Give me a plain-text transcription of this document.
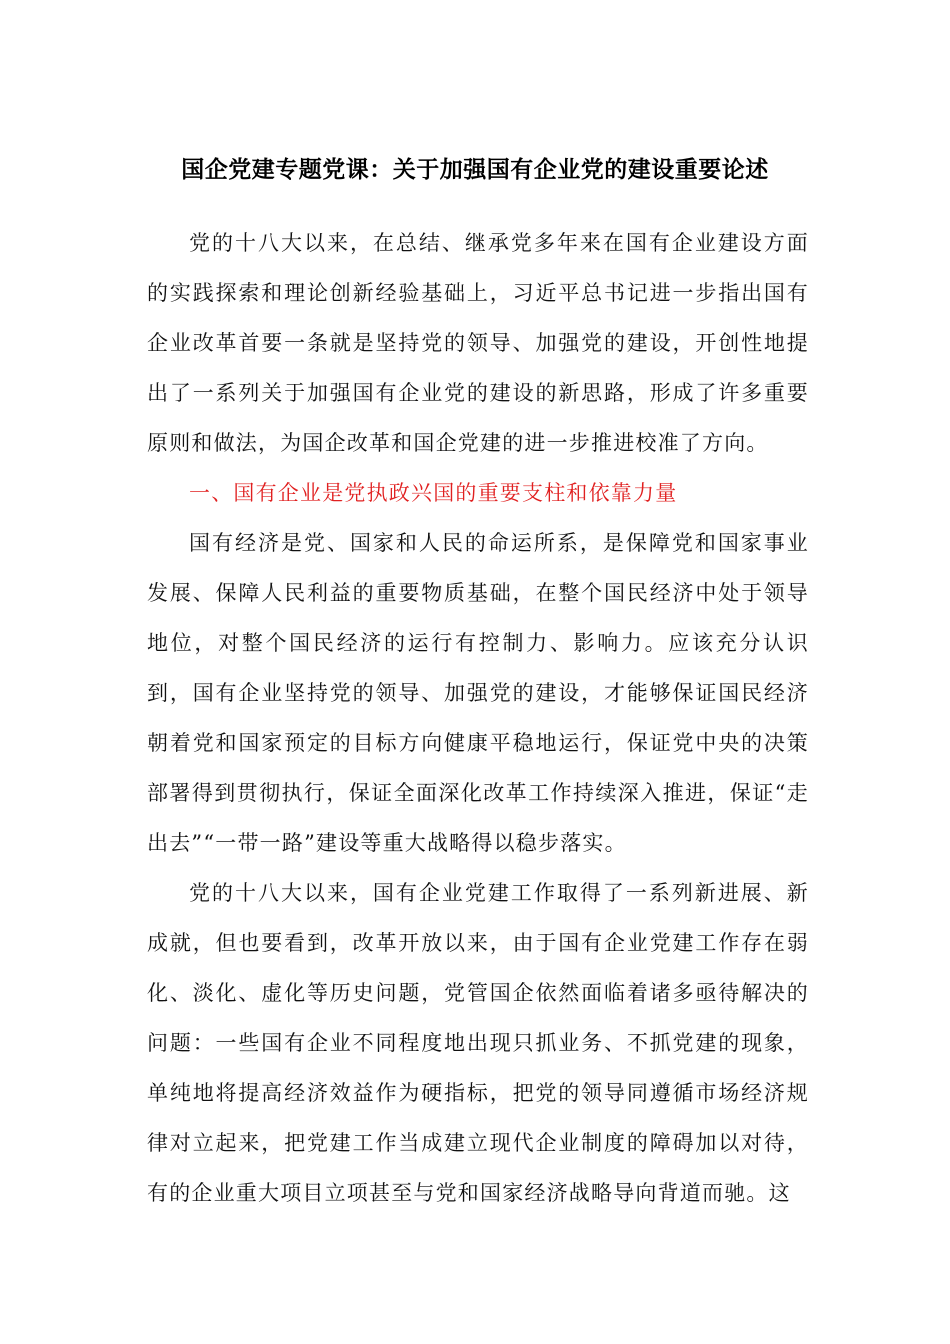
国企党建专题党课：关于加强国有企业党的建设重要论述

党的十八大以来，在总结、继承党多年来在国有企业建设方面的实践探索和理论创新经验基础上，习近平总书记进一步指出国有企业改革首要一条就是坚持党的领导、加强党的建设，开创性地提出了一系列关于加强国有企业党的建设的新思路，形成了许多重要原则和做法，为国企改革和国企党建的进一步推进校准了方向。

一、国有企业是党执政兴国的重要支柱和依靠力量

国有经济是党、国家和人民的命运所系，是保障党和国家事业发展、保障人民利益的重要物质基础，在整个国民经济中处于领导地位，对整个国民经济的运行有控制力、影响力。应该充分认识到，国有企业坚持党的领导、加强党的建设，才能够保证国民经济朝着党和国家预定的目标方向健康平稳地运行，保证党中央的决策部署得到贯彻执行，保证全面深化改革工作持续深入推进，保证“走出去”“一带一路”建设等重大战略得以稳步落实。

党的十八大以来，国有企业党建工作取得了一系列新进展、新成就，但也要看到，改革开放以来，由于国有企业党建工作存在弱化、淡化、虚化等历史问题，党管国企依然面临着诸多亟待解决的问题：一些国有企业不同程度地出现只抓业务、不抓党建的现象，单纯地将提高经济效益作为硬指标，把党的领导同遵循市场经济规律对立起来，把党建工作当成建立现代企业制度的障碍加以对待，有的企业重大项目立项甚至与党和国家经济战略导向背道而驰。这
